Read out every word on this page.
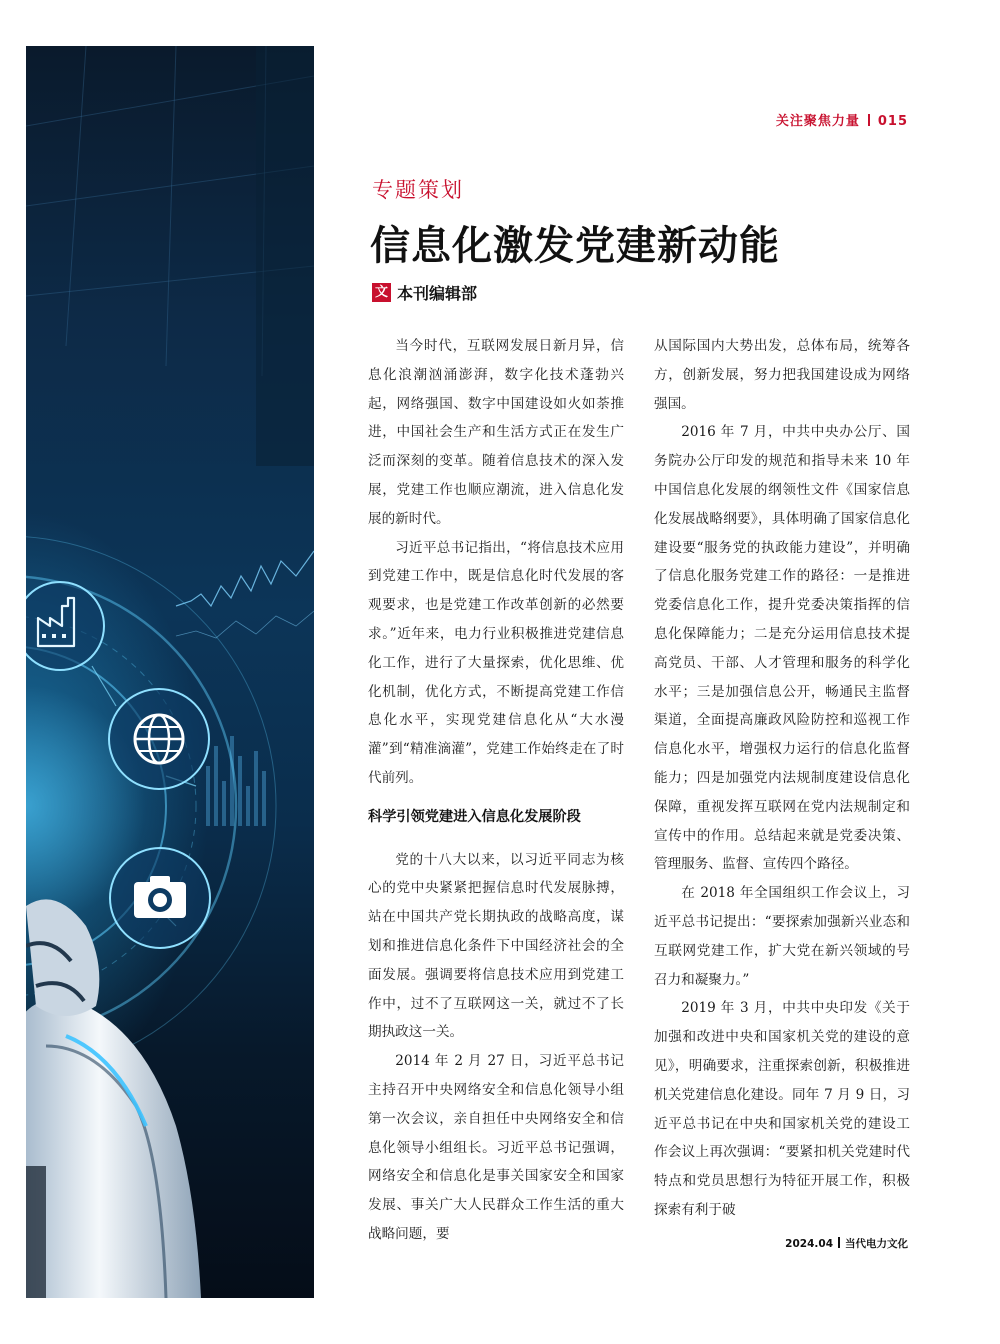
关注聚焦力量 015
专题策划
信息化激发党建新动能
文 本刊编辑部

当今时代，互联网发展日新月异，信息化浪潮汹涌澎湃，数字化技术蓬勃兴起，网络强国、数字中国建设如火如荼推进，中国社会生产和生活方式正在发生广泛而深刻的变革。随着信息技术的深入发展，党建工作也顺应潮流，进入信息化发展的新时代。

习近平总书记指出，“将信息技术应用到党建工作中，既是信息化时代发展的客观要求，也是党建工作改革创新的必然要求。”近年来，电力行业积极推进党建信息化工作，进行了大量探索，优化思维、优化机制，优化方式，不断提高党建工作信息化水平，实现党建信息化从“大水漫灌”到“精准滴灌”，党建工作始终走在了时代前列。

科学引领党建进入信息化发展阶段

党的十八大以来，以习近平同志为核心的党中央紧紧把握信息时代发展脉搏，站在中国共产党长期执政的战略高度，谋划和推进信息化条件下中国经济社会的全面发展。强调要将信息技术应用到党建工作中，过不了互联网这一关，就过不了长期执政这一关。

2014 年 2 月 27 日，习近平总书记主持召开中央网络安全和信息化领导小组第一次会议，亲自担任中央网络安全和信息化领导小组组长。习近平总书记强调，网络安全和信息化是事关国家安全和国家发展、事关广大人民群众工作生活的重大战略问题，要

从国际国内大势出发，总体布局，统筹各方，创新发展，努力把我国建设成为网络强国。

2016 年 7 月，中共中央办公厅、国务院办公厅印发的规范和指导未来 10 年中国信息化发展的纲领性文件《国家信息化发展战略纲要》，具体明确了国家信息化建设要“服务党的执政能力建设”，并明确了信息化服务党建工作的路径：一是推进党委信息化工作，提升党委决策指挥的信息化保障能力；二是充分运用信息技术提高党员、干部、人才管理和服务的科学化水平；三是加强信息公开，畅通民主监督渠道，全面提高廉政风险防控和巡视工作信息化水平，增强权力运行的信息化监督能力；四是加强党内法规制度建设信息化保障，重视发挥互联网在党内法规制定和宣传中的作用。总结起来就是党委决策、管理服务、监督、宣传四个路径。

在 2018 年全国组织工作会议上，习近平总书记提出：“要探索加强新兴业态和互联网党建工作，扩大党在新兴领域的号召力和凝聚力。”

2019 年 3 月，中共中央印发《关于加强和改进中央和国家机关党的建设的意见》，明确要求，注重探索创新，积极推进机关党建信息化建设。同年 7 月 9 日，习近平总书记在中央和国家机关党的建设工作会议上再次强调：“要紧扣机关党建时代特点和党员思想行为特征开展工作，积极探索有利于破

2024.04 当代电力文化
